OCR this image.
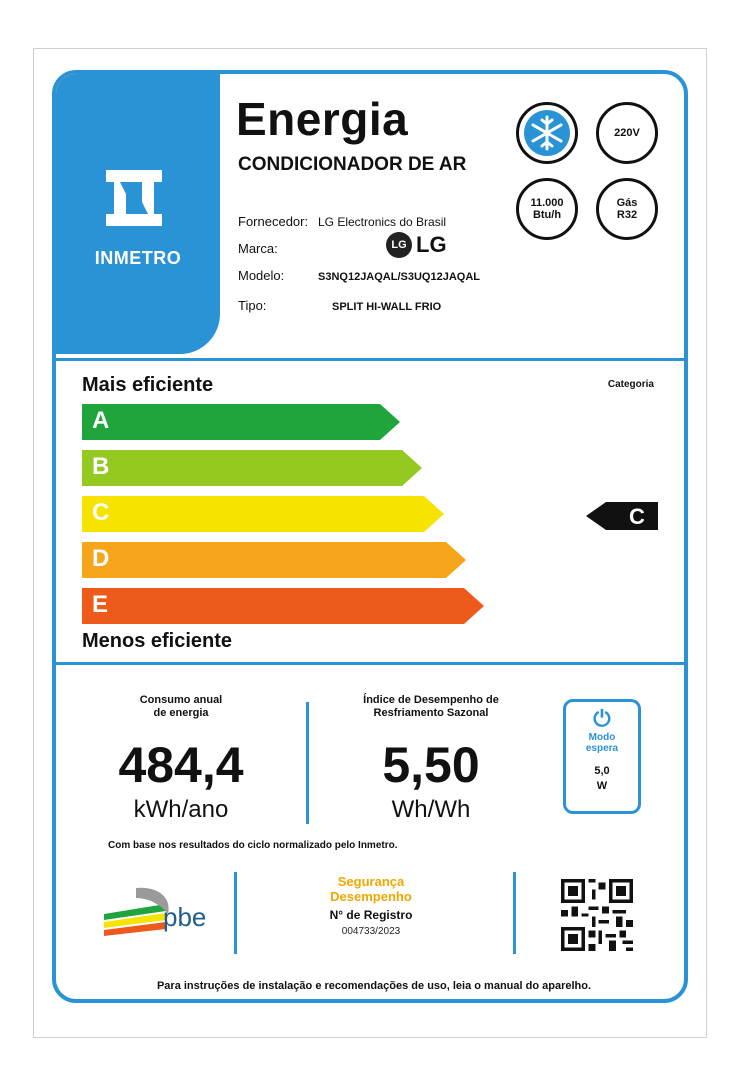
INMETRO
Energia
CONDICIONADOR DE AR
Fornecedor: LG Electronics do Brasil
Marca:	LG LG
Modelo:	S3NQ12JAQAL/S3UQ12JAQAL
Tipo:	SPLIT HI-WALL FRIO
220V
11.000
Btu/h
Gás
R32
Mais eficiente	Categoria
A
B
C
D
E
C
Menos eficiente
Consumo anual
de energia
484,4
kWh/ano
Índice de Desempenho de
Resfriamento Sazonal
5,50
Wh/Wh
⏻
Modo
espera
5,0
W
Com base nos resultados do ciclo normalizado pelo Inmetro.
pbe
Segurança
Desempenho
N° de Registro
004733/2023
Para instruções de instalação e recomendações de uso, leia o manual do aparelho.
